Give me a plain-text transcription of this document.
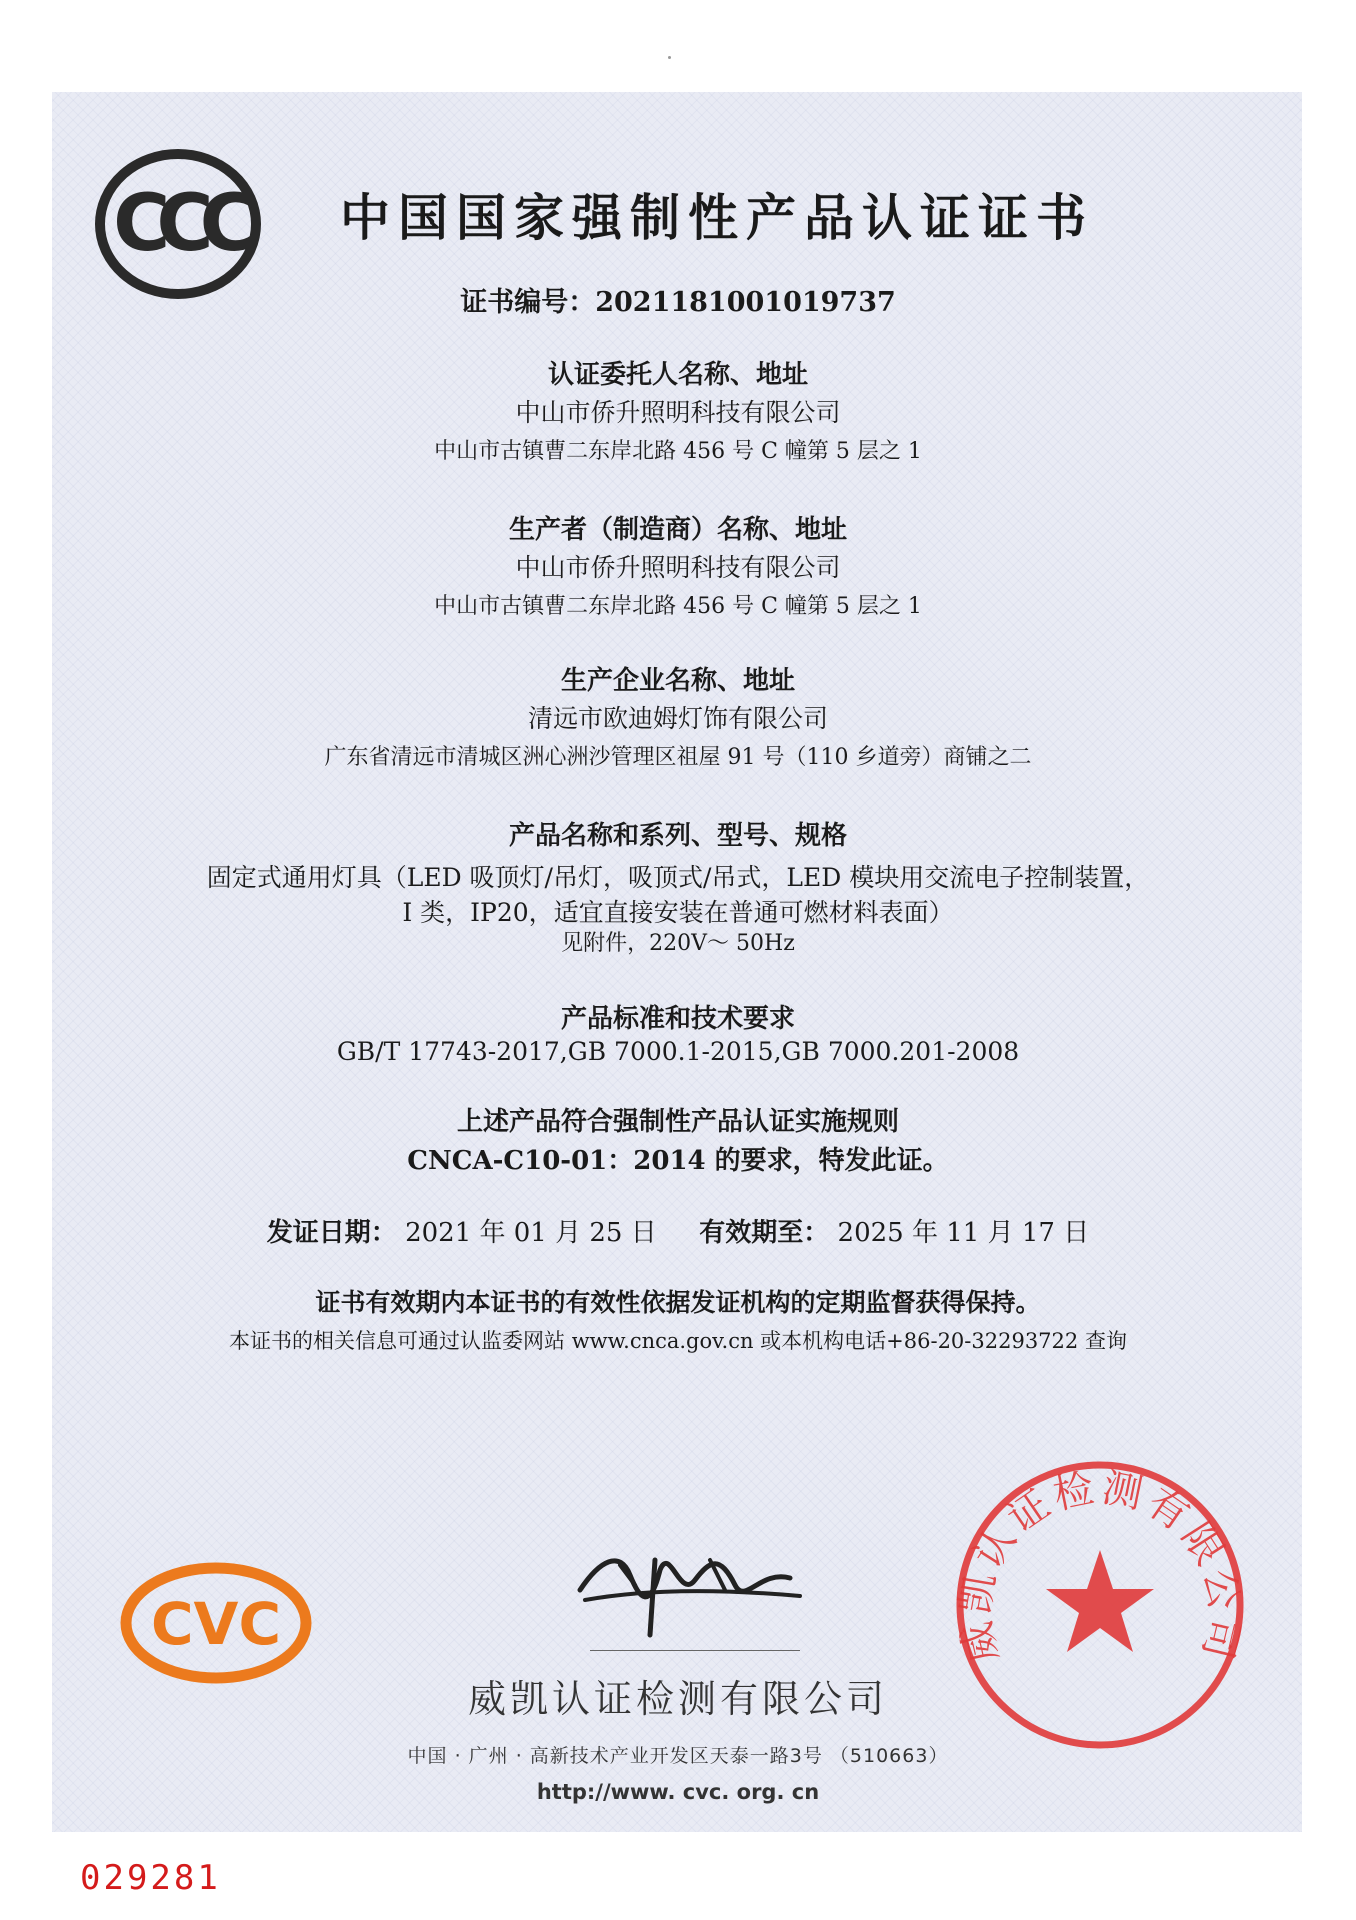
CCC 中国国家强制性产品认证证书
证书编号：2021181001019737
认证委托人名称、地址
中山市侨升照明科技有限公司
中山市古镇曹二东岸北路 456 号 C 幢第 5 层之 1
生产者（制造商）名称、地址
中山市侨升照明科技有限公司
中山市古镇曹二东岸北路 456 号 C 幢第 5 层之 1
生产企业名称、地址
清远市欧迪姆灯饰有限公司
广东省清远市清城区洲心洲沙管理区祖屋 91 号（110 乡道旁）商铺之二
产品名称和系列、型号、规格
固定式通用灯具（LED 吸顶灯/吊灯，吸顶式/吊式，LED 模块用交流电子控制装置，
I 类，IP20，适宜直接安装在普通可燃材料表面）
见附件，220V～ 50Hz
产品标准和技术要求
GB/T 17743-2017,GB 7000.1-2015,GB 7000.201-2008
上述产品符合强制性产品认证实施规则
CNCA-C10-01：2014 的要求，特发此证。
发证日期： 2021 年 01 月 25 日 有效期至： 2025 年 11 月 17 日
证书有效期内本证书的有效性依据发证机构的定期监督获得保持。
本证书的相关信息可通过认监委网站 www.cnca.gov.cn 或本机构电话+86-20-32293722 查询
CVC
威凯认证检测有限公司
中国 · 广州 · 高新技术产业开发区天泰一路3号 （510663）
http://www. cvc. org. cn
威凯认证检测有限公司
029281
